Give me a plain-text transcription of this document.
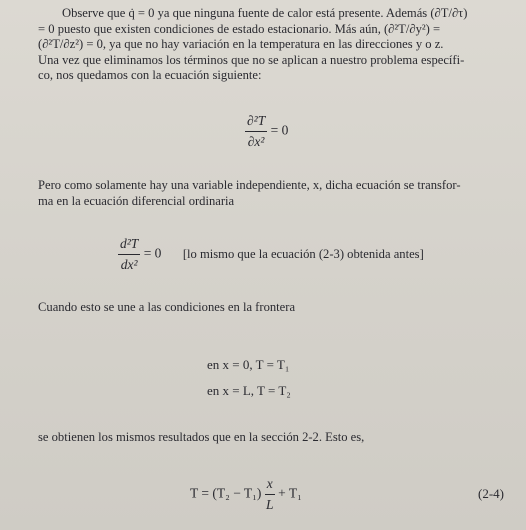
Observe que q̇ = 0 ya que ninguna fuente de calor está presente. Además (∂T/∂τ)

= 0 puesto que existen condiciones de estado estacionario. Más aún, (∂²T/∂y²) =

(∂²T/∂z²) = 0, ya que no hay variación en la temperatura en las direcciones y o z.

Una vez que eliminamos los términos que no se aplican a nuestro problema específi-

co, nos quedamos con la ecuación siguiente:

$\frac{\text{∂²T}}{\text{∂x²}} = 0$

Pero como solamente hay una variable independiente, x, dicha ecuación se transfor-

ma en la ecuación diferencial ordinaria

$\frac{\text{d²T}}{\text{dx²}} = 0$ [lo mismo que la ecuación (2-3) obtenida antes]

Cuando esto se une a las condiciones en la frontera

en x = 0, T = T₁
en x = L, T = T₂

se obtienen los mismos resultados que en la sección 2-2. Esto es,

$T = (T_2 - T_1) \frac{x}{L} + T_1$	(2-4)
